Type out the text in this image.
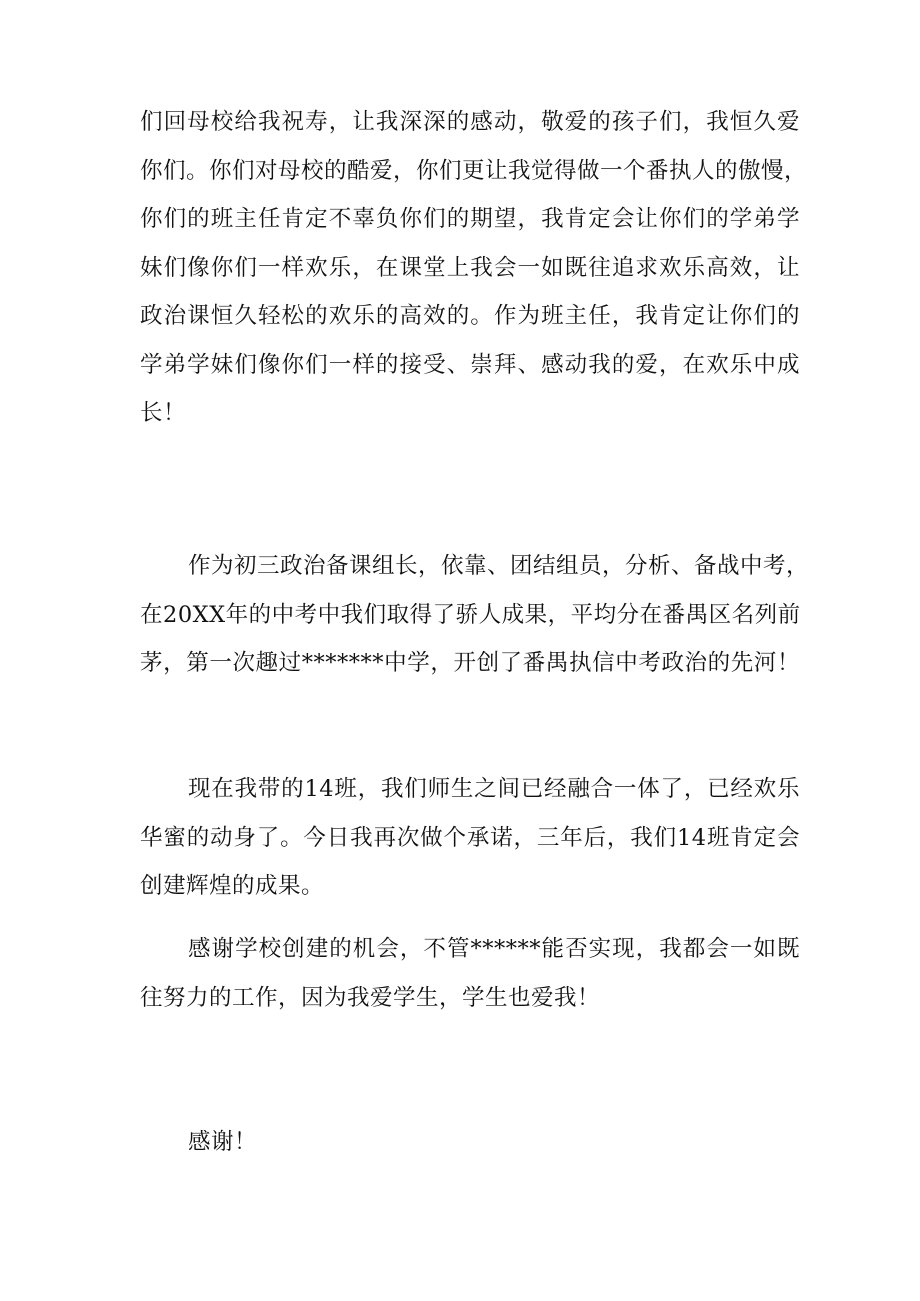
们回母校给我祝寿，让我深深的感动，敬爱的孩子们，我恒久爱
你们。你们对母校的酷爱，你们更让我觉得做一个番执人的傲慢，
你们的班主任肯定不辜负你们的期望，我肯定会让你们的学弟学
妹们像你们一样欢乐，在课堂上我会一如既往追求欢乐高效，让
政治课恒久轻松的欢乐的高效的。作为班主任，我肯定让你们的
学弟学妹们像你们一样的接受、崇拜、感动我的爱，在欢乐中成
长！

作为初三政治备课组长，依靠、团结组员，分析、备战中考，
在20XX年的中考中我们取得了骄人成果，平均分在番禺区名列前
茅，第一次趣过*******中学，开创了番禺执信中考政治的先河！

现在我带的14班，我们师生之间已经融合一体了，已经欢乐
华蜜的动身了。今日我再次做个承诺，三年后，我们14班肯定会
创建辉煌的成果。

感谢学校创建的机会，不管******能否实现，我都会一如既
往努力的工作，因为我爱学生，学生也爱我！

感谢！
